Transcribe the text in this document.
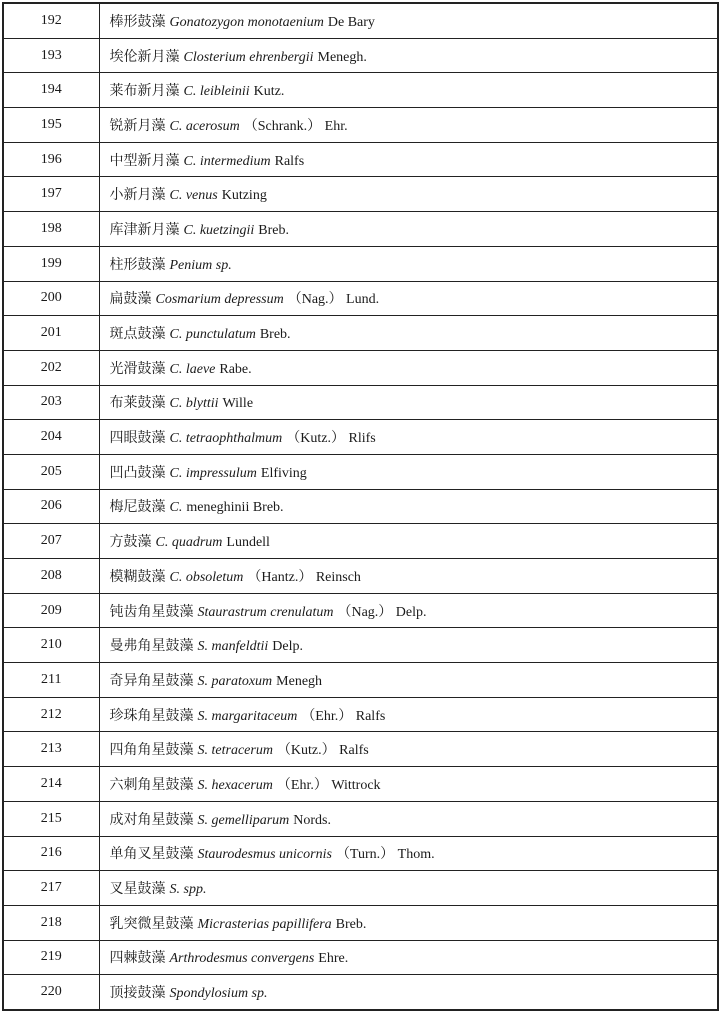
192	棒形鼓藻 Gonatozygon monotaenium De Bary
193	埃伦新月藻 Closterium ehrenbergii Menegh.
194	莱布新月藻 C. leibleinii Kutz.
195	锐新月藻 C. acerosum （Schrank.） Ehr.
196	中型新月藻 C. intermedium Ralfs
197	小新月藻 C. venus Kutzing
198	库津新月藻 C. kuetzingii Breb.
199	柱形鼓藻 Penium sp.
200	扁鼓藻 Cosmarium depressum （Nag.） Lund.
201	斑点鼓藻 C. punctulatum Breb.
202	光滑鼓藻 C. laeve Rabe.
203	布莱鼓藻 C. blyttii Wille
204	四眼鼓藻 C. tetraophthalmum （Kutz.） Rlifs
205	凹凸鼓藻 C. impressulum Elfiving
206	梅尼鼓藻 C. meneghinii Breb.
207	方鼓藻 C. quadrum Lundell
208	模糊鼓藻 C. obsoletum （Hantz.） Reinsch
209	钝齿角星鼓藻 Staurastrum crenulatum （Nag.） Delp.
210	曼弗角星鼓藻 S. manfeldtii Delp.
211	奇异角星鼓藻 S. paratoxum Menegh
212	珍珠角星鼓藻 S. margaritaceum （Ehr.） Ralfs
213	四角角星鼓藻 S. tetracerum （Kutz.） Ralfs
214	六刺角星鼓藻 S. hexacerum （Ehr.） Wittrock
215	成对角星鼓藻 S. gemelliparum Nords.
216	单角叉星鼓藻 Staurodesmus unicornis （Turn.） Thom.
217	叉星鼓藻 S. spp.
218	乳突微星鼓藻 Micrasterias papillifera Breb.
219	四棘鼓藻 Arthrodesmus convergens Ehre.
220	顶接鼓藻 Spondylosium sp.
